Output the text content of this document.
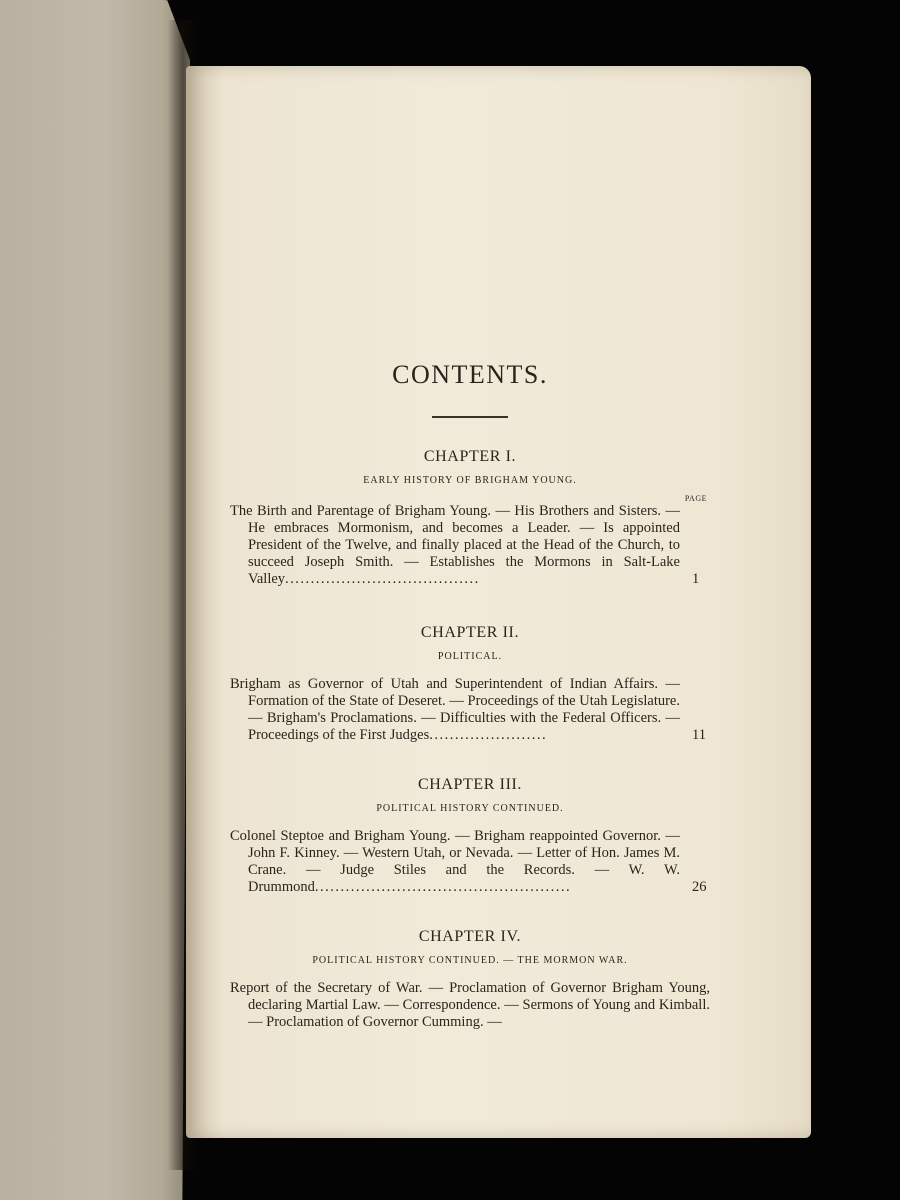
CONTENTS.
CHAPTER I.
EARLY HISTORY OF BRIGHAM YOUNG.
PAGE
The Birth and Parentage of Brigham Young. — His Brothers and Sisters. — He embraces Mormonism, and becomes a Leader. — Is appointed President of the Twelve, and finally placed at the Head of the Church, to succeed Joseph Smith. — Establishes the Mormons in Salt-Lake Valley......................................	1
CHAPTER II.
POLITICAL.
Brigham as Governor of Utah and Superintendent of Indian Affairs. — Formation of the State of Deseret. — Proceedings of the Utah Legislature. — Brigham's Proclamations. — Difficulties with the Federal Officers. — Proceedings of the First Judges.......................	11
CHAPTER III.
POLITICAL HISTORY CONTINUED.
Colonel Steptoe and Brigham Young. — Brigham reappointed Governor. — John F. Kinney. — Western Utah, or Nevada. — Letter of Hon. James M. Crane. — Judge Stiles and the Records. — W. W. Drummond..................................................	26
CHAPTER IV.
POLITICAL HISTORY CONTINUED. — THE MORMON WAR.
Report of the Secretary of War. — Proclamation of Governor Brigham Young, declaring Martial Law. — Correspondence. — Sermons of Young and Kimball. — Proclamation of Governor Cumming. —
